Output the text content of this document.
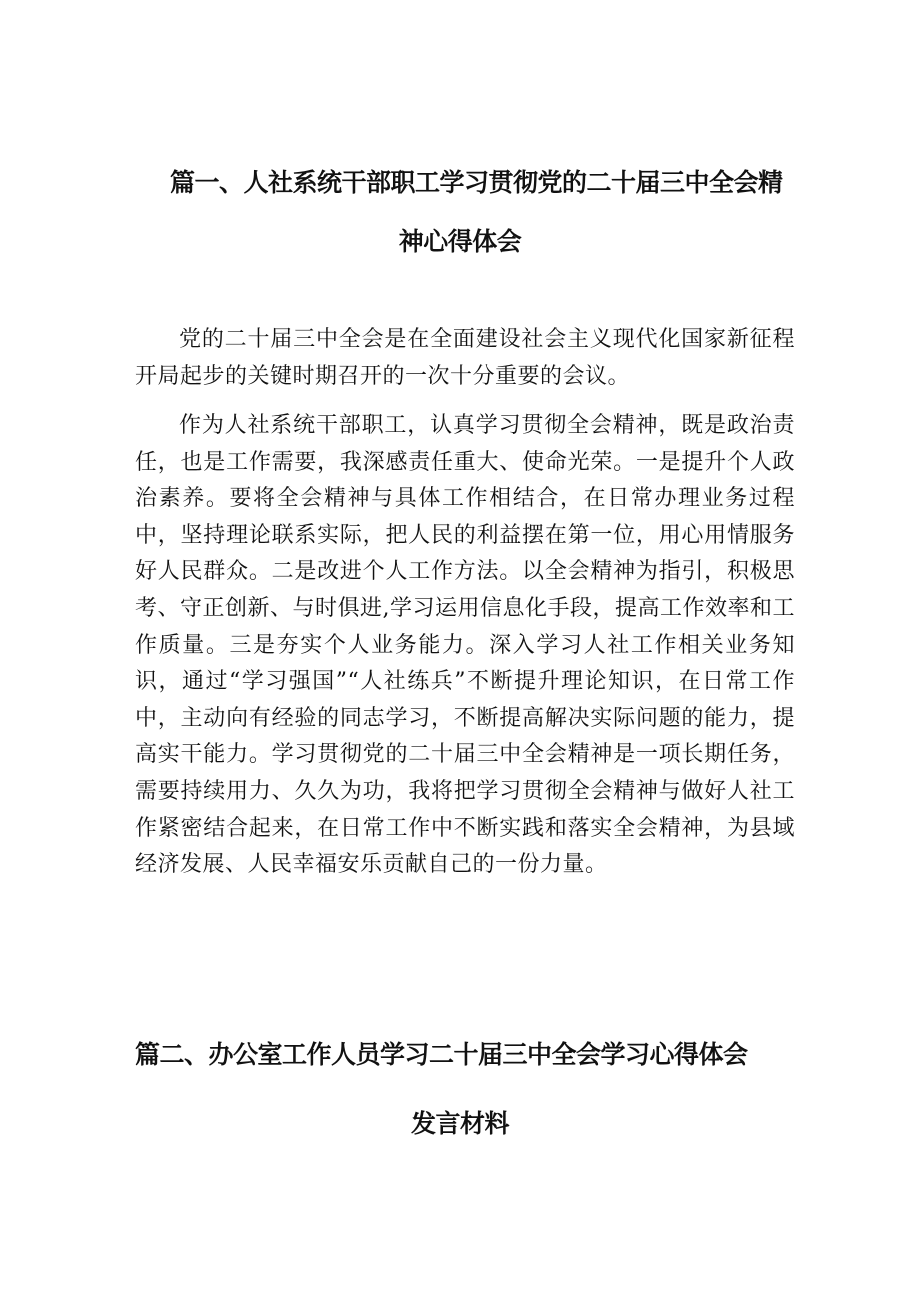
篇一、人社系统干部职工学习贯彻党的二十届三中全会精
神心得体会

党的二十届三中全会是在全面建设社会主义现代化国家新征程开局起步的关键时期召开的一次十分重要的会议。

作为人社系统干部职工，认真学习贯彻全会精神，既是政治责任，也是工作需要，我深感责任重大、使命光荣。一是提升个人政治素养。要将全会精神与具体工作相结合，在日常办理业务过程中，坚持理论联系实际，把人民的利益摆在第一位，用心用情服务好人民群众。二是改进个人工作方法。以全会精神为指引，积极思考、守正创新、与时俱进,学习运用信息化手段，提高工作效率和工作质量。三是夯实个人业务能力。深入学习人社工作相关业务知识，通过“学习强国”“人社练兵”不断提升理论知识，在日常工作中，主动向有经验的同志学习，不断提高解决实际问题的能力，提高实干能力。学习贯彻党的二十届三中全会精神是一项长期任务，需要持续用力、久久为功，我将把学习贯彻全会精神与做好人社工作紧密结合起来，在日常工作中不断实践和落实全会精神，为县域经济发展、人民幸福安乐贡献自己的一份力量。

篇二、办公室工作人员学习二十届三中全会学习心得体会
发言材料
